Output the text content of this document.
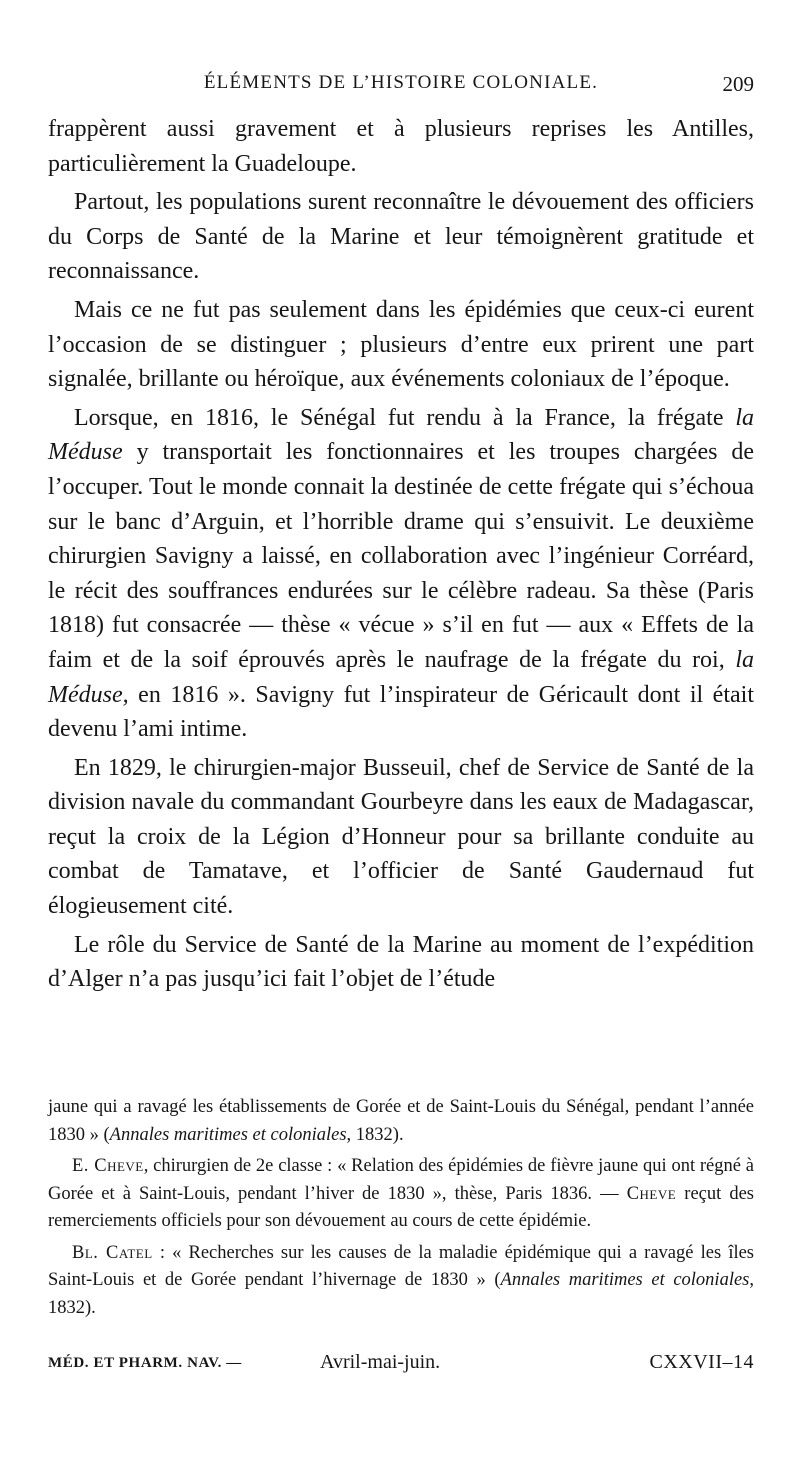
ÉLÉMENTS DE L’HISTOIRE COLONIALE.	209

frappèrent aussi gravement et à plusieurs reprises les Antilles, particulièrement la Guadeloupe.

Partout, les populations surent reconnaître le dévouement des officiers du Corps de Santé de la Marine et leur témoignèrent gratitude et reconnaissance.

Mais ce ne fut pas seulement dans les épidémies que ceux-ci eurent l’occasion de se distinguer ; plusieurs d’entre eux prirent une part signalée, brillante ou héroïque, aux événements coloniaux de l’époque.

Lorsque, en 1816, le Sénégal fut rendu à la France, la frégate la Méduse y transportait les fonctionnaires et les troupes chargées de l’occuper. Tout le monde connait la destinée de cette frégate qui s’échoua sur le banc d’Arguin, et l’horrible drame qui s’ensuivit. Le deuxième chirurgien Savigny a laissé, en collaboration avec l’ingénieur Corréard, le récit des souffrances endurées sur le célèbre radeau. Sa thèse (Paris 1818) fut consacrée — thèse « vécue » s’il en fut — aux « Effets de la faim et de la soif éprouvés après le naufrage de la frégate du roi, la Méduse, en 1816 ». Savigny fut l’inspirateur de Géricault dont il était devenu l’ami intime.

En 1829, le chirurgien-major Busseuil, chef de Service de Santé de la division navale du commandant Gourbeyre dans les eaux de Madagascar, reçut la croix de la Légion d’Honneur pour sa brillante conduite au combat de Tamatave, et l’officier de Santé Gaudernaud fut élogieusement cité.

Le rôle du Service de Santé de la Marine au moment de l’expédition d’Alger n’a pas jusqu’ici fait l’objet de l’étude

jaune qui a ravagé les établissements de Gorée et de Saint-Louis du Sénégal, pendant l’année 1830 » (Annales maritimes et coloniales, 1832).

E. Cheve, chirurgien de 2e classe : « Relation des épidémies de fièvre jaune qui ont régné à Gorée et à Saint-Louis, pendant l’hiver de 1830 », thèse, Paris 1836. — Cheve reçut des remerciements officiels pour son dévouement au cours de cette épidémie.

Bl. Catel : « Recherches sur les causes de la maladie épidémique qui a ravagé les îles Saint-Louis et de Gorée pendant l’hivernage de 1830 » (Annales maritimes et coloniales, 1832).

MÉD. ET PHARM. NAV. —	Avril-mai-juin.	CXXVII–14
